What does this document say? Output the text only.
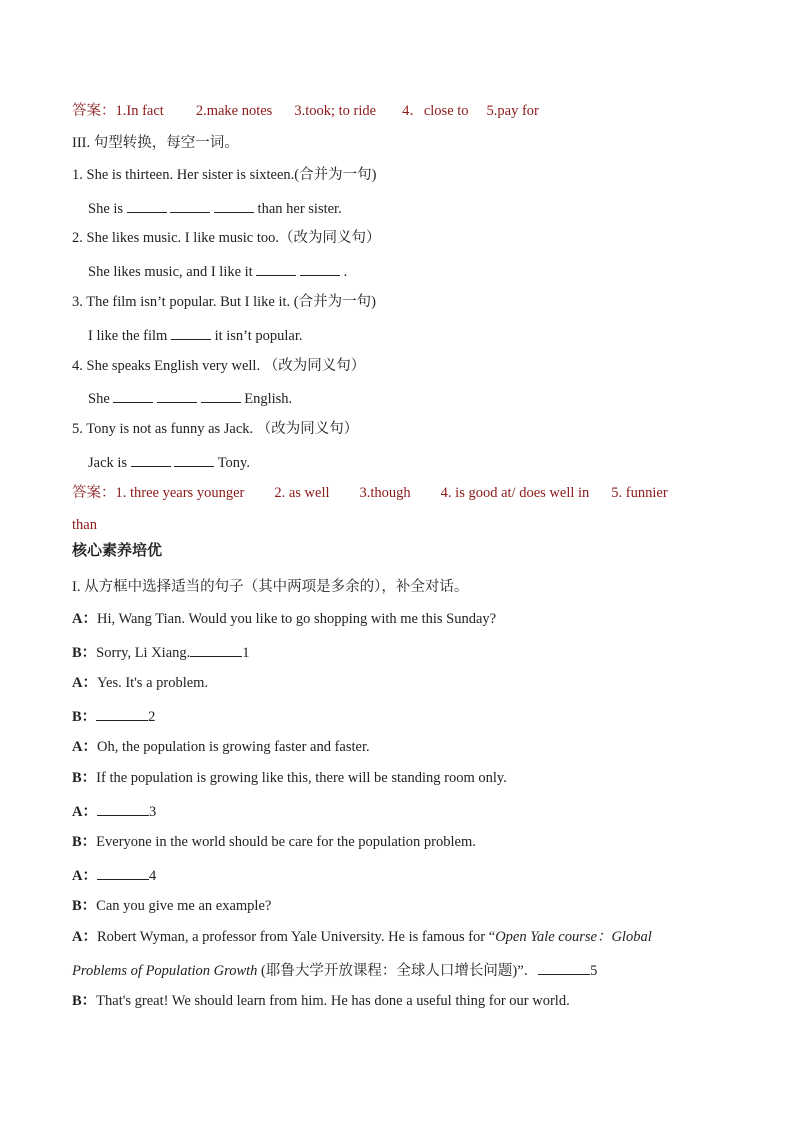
答案：1.In fact 2.make notes 3.took; to ride 4．close to 5.pay for
III. 句型转换，每空一词。
1. She is thirteen. Her sister is sixteen.(合并为一句)
She is	than her sister.
2. She likes music. I like music too.（改为同义句）
She likes music, and I like it	.
3. The film isn’t popular. But I like it. (合并为一句)
I like the film	it isn’t popular.
4. She speaks English very well. （改为同义句）
She	English.
5. Tony is not as funny as Jack. （改为同义句）
Jack is	Tony.
答案：1. three years younger 2. as well 3.though 4. is good at/ does well in 5. funnier
than
核心素养培优
I. 从方框中选择适当的句子（其中两项是多余的），补全对话。
A：Hi, Wang Tian. Would you like to go shopping with me this Sunday?
B：Sorry, Li Xiang.	1
A：Yes. It's a problem.
B：	2
A：Oh, the population is growing faster and faster.
B：If the population is growing like this, there will be standing room only.
A：	3
B：Everyone in the world should be care for the population problem.
A：	4
B：Can you give me an example?
A：Robert Wyman, a professor from Yale University. He is famous for “Open Yale course：Global
Problems of Population Growth (耶鲁大学开放课程：全球人口增长问题)”．	5
B：That's great! We should learn from him. He has done a useful thing for our world.
